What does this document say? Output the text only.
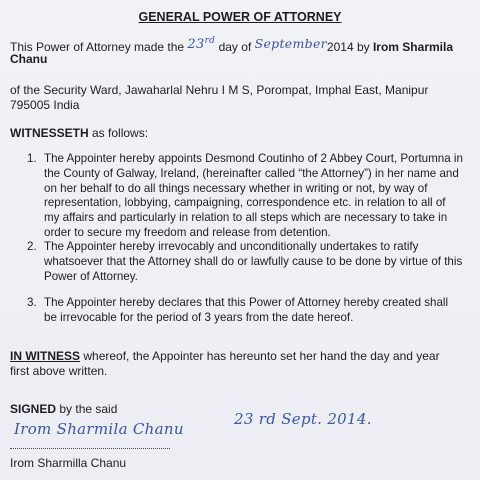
GENERAL POWER OF ATTORNEY
This Power of Attorney made the 23rd day of September2014 by Irom Sharmila
Chanu
of the Security Ward, Jawaharlal Nehru I M S, Porompat, Imphal East, Manipur
795005 India
WITNESSETH as follows:
1. The Appointer hereby appoints Desmond Coutinho of 2 Abbey Court, Portumna in the County of Galway, Ireland, (hereinafter called “the Attorney”) in her name and on her behalf to do all things necessary whether in writing or not, by way of representation, lobbying, campaigning, correspondence etc. in relation to all of my affairs and particularly in relation to all steps which are necessary to take in order to secure my freedom and release from detention.
2. The Appointer hereby irrevocably and unconditionally undertakes to ratify whatsoever that the Attorney shall do or lawfully cause to be done by virtue of this Power of Attorney.
3. The Appointer hereby declares that this Power of Attorney hereby created shall be irrevocable for the period of 3 years from the date hereof.
IN WITNESS whereof, the Appointer has hereunto set her hand the day and year
first above written.
SIGNED by the said
Irom Sharmila Chanu
23 rd Sept. 2014.
Irom Sharmilla Chanu
